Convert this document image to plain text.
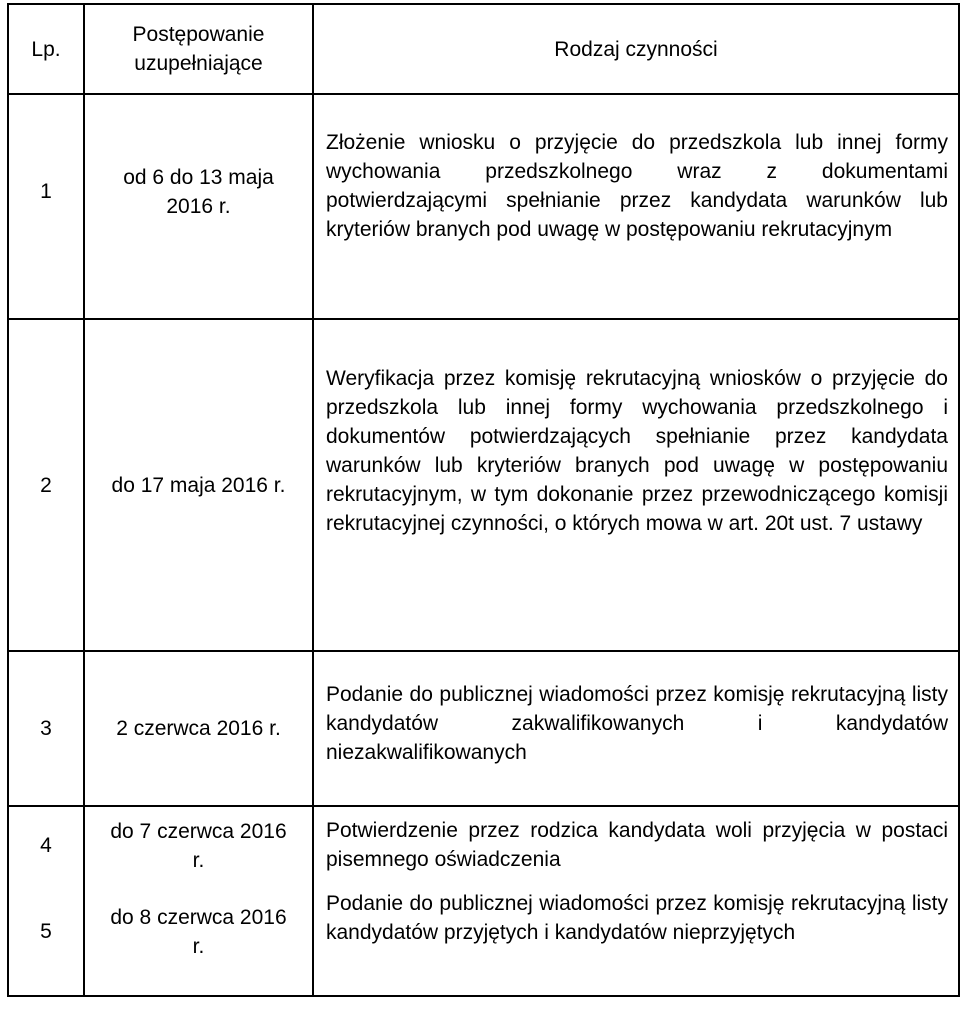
Lp.	Postępowanie uzupełniające	Rodzaj czynności
1	od 6 do 13 maja 2016 r.	Złożenie wniosku o przyjęcie do przedszkola lub innej formy wychowania przedszkolnego wraz z dokumentami potwierdzającymi spełnianie przez kandydata warunków lub kryteriów branych pod uwagę w postępowaniu rekrutacyjnym
2	do 17 maja 2016 r.	Weryfikacja przez komisję rekrutacyjną wniosków o przyjęcie do przedszkola lub innej formy wychowania przedszkolnego i dokumentów potwierdzających spełnianie przez kandydata warunków lub kryteriów branych pod uwagę w postępowaniu rekrutacyjnym, w tym dokonanie przez przewodniczącego komisji rekrutacyjnej czynności, o których mowa w art. 20t ust. 7 ustawy
3	2 czerwca 2016 r.	Podanie do publicznej wiadomości przez komisję rekrutacyjną listy kandydatów zakwalifikowanych i kandydatów niezakwalifikowanych
4	do 7 czerwca 2016 r.	Potwierdzenie przez rodzica kandydata woli przyjęcia w postaci pisemnego oświadczenia
5	do 8 czerwca 2016 r.	Podanie do publicznej wiadomości przez komisję rekrutacyjną listy kandydatów przyjętych i kandydatów nieprzyjętych
